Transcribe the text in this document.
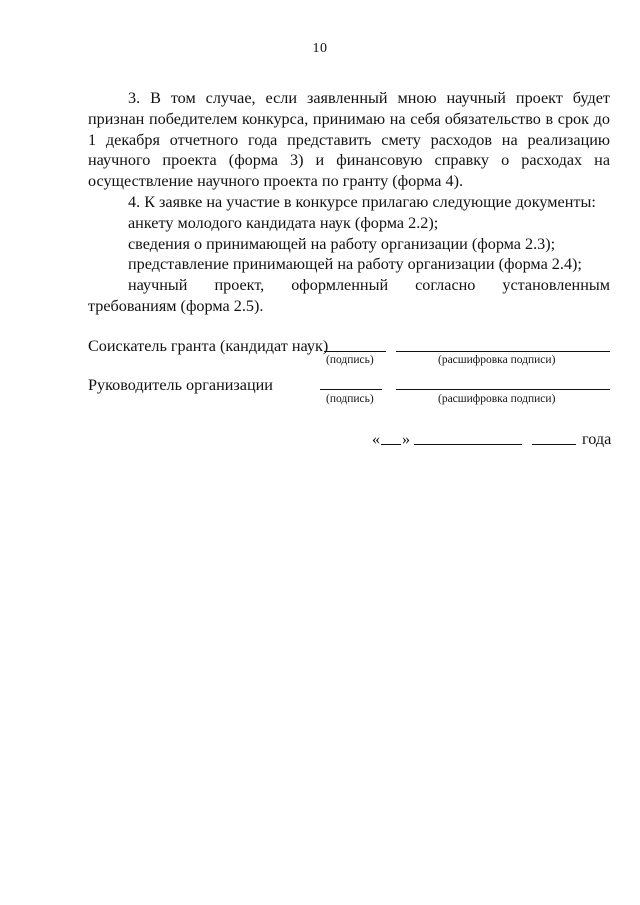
10

3. В том случае, если заявленный мною научный проект будет признан победителем конкурса, принимаю на себя обязательство в срок до 1 декабря отчетного года представить смету расходов на реализацию научного проекта (форма 3) и финансовую справку о расходах на осуществление научного проекта по гранту (форма 4).

4. К заявке на участие в конкурсе прилагаю следующие документы:

анкету молодого кандидата наук (форма 2.2);

сведения о принимающей на работу организации (форма 2.3);

представление принимающей на работу организации (форма 2.4);

научный проект, оформленный согласно установленным требованиям (форма 2.5).

Соискатель гранта (кандидат наук)
(подпись)	(расшифровка подписи)
Руководитель организации
(подпись)	(расшифровка подписи)
« »	года
